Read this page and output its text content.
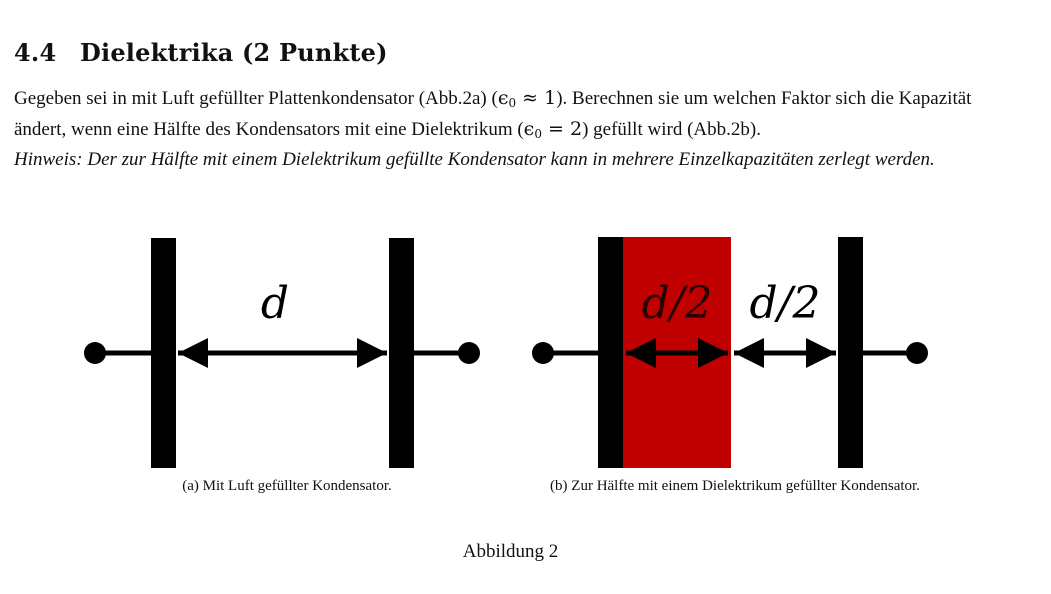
4.4 Dielektrika (2 Punkte)

Gegeben sei in mit Luft gefüllter Plattenkondensator (Abb.2a) $(\epsilon_0 \approx 1)$. Berechnen sie um welchen Faktor sich die Kapazität ändert, wenn eine Hälfte des Kondensators mit eine Dielektrikum $(\epsilon_0 = 2)$ gefüllt wird (Abb.2b).

Hinweis: Der zur Hälfte mit einem Dielektrikum gefüllte Kondensator kann in mehrere Einzelkapazitäten zerlegt werden.

d	d/2 d/2
(a) Mit Luft gefüllter Kondensator.	(b) Zur Hälfte mit einem Dielektrikum gefüllter Kondensator.
Abbildung 2
